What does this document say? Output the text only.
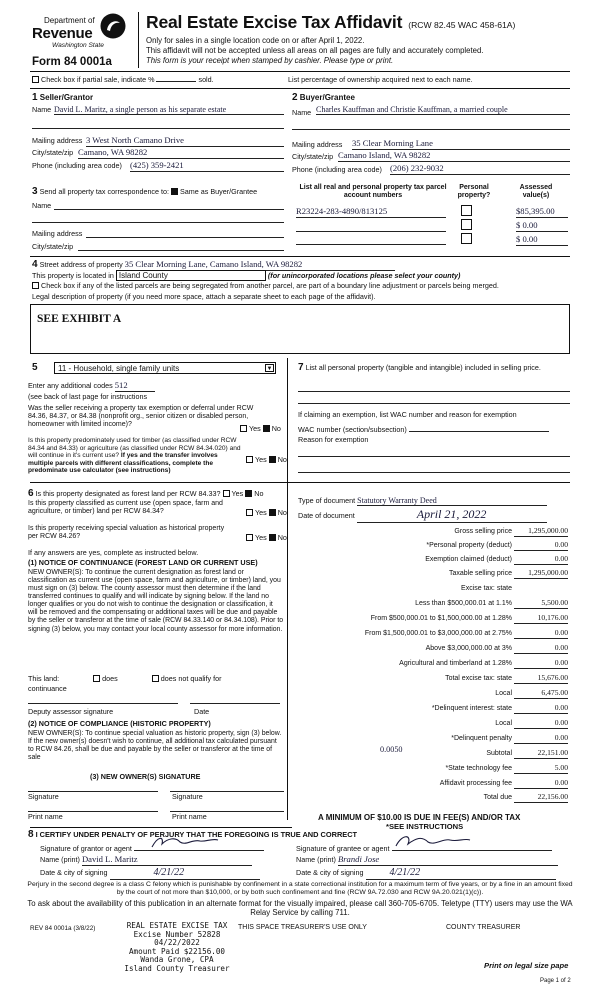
Department of
Revenue
Washington State
Form 84 0001a
Real Estate Excise Tax Affidavit (RCW 82.45 WAC 458-61A)
Only for sales in a single location code on or after April 1, 2022.
This affidavit will not be accepted unless all areas on all pages are fully and accurately completed.
This form is your receipt when stamped by cashier. Please type or print.
Check box if partial sale, indicate %	sold.	List percentage of ownership acquired next to each name.
1 Seller/Grantor
Name David L. Maritz, a single person as his separate estate
Mailing address 3 West North Camano Drive
City/state/zip Camano, WA 98282
Phone (including area code) (425) 359-2421
2 Buyer/Grantee
Name Charles Kauffman and Christie Kauffman, a married couple
Mailing address 35 Clear Morning Lane
City/state/zip Camano Island, WA 98282
Phone (including area code) (206) 232-9032
3 Send all property tax correspondence to: Same as Buyer/Grantee
Name
Mailing address
City/state/zip
List all real and personal property tax parcel account numbers
Personal property?
Assessed value(s)
R23224-283-4890/813125	$85,395.00
$ 0.00
$ 0.00
4 Street address of property 35 Clear Morning Lane, Camano Island, WA 98282
This property is located in Island County	(for unincorporated locations please select your county)
Check box if any of the listed parcels are being segregated from another parcel, are part of a boundary line adjustment or parcels being merged.
Legal description of property (if you need more space, attach a separate sheet to each page of the affidavit).
SEE EXHIBIT A
5	11 - Household, single family units	▼
Enter any additional codes 512
(see back of last page for instructions
Was the seller receiving a property tax exemption or deferral under RCW 84.36, 84.37, or 84.38 (nonprofit org., senior citizen or disabled person, homeowner with limited income)?	Yes No
Is this property predominately used for timber (as classified under RCW 84.34 and 84.33) or agriculture (as classified under RCW 84.34.020) and will continue in it's current use? If yes and the transfer involves multiple parcels with different classifications, complete the predominate use calculator (see instructions)
Yes No
7 List all personal property (tangible and intangible) included in selling price.
If claiming an exemption, list WAC number and reason for exemption
WAC number (section/subsection)
Reason for exemption
6 Is this property designated as forest land per RCW 84.33? Yes No
Is this property classified as current use (open space, farm and agriculture, or timber) land per RCW 84.34?	Yes No
Is this property receiving special valuation as historical property per RCW 84.26?	Yes No
If any answers are yes, complete as instructed below.
(1) NOTICE OF CONTINUANCE (FOREST LAND OR CURRENT USE)
NEW OWNER(S): To continue the current designation as forest land or classification as current use (open space, farm and agriculture, or timber) land, you must sign on (3) below. The county assessor must then determine if the land transferred continues to qualify and will indicate by signing below. If the land no longer qualifies or you do not wish to continue the designation or classification, it will be removed and the compensating or additional taxes will be due and payable by the seller or transferor at the time of sale (RCW 84.33.140 or 84.34.108). Prior to signing (3) below, you may contact your local county assessor for more information.
This land:	does	does not qualify for
continuance
Deputy assessor signature	Date
(2) NOTICE OF COMPLIANCE (HISTORIC PROPERTY)
NEW OWNER(S): To continue special valuation as historic property, sign (3) below. If the new owner(s) doesn't wish to continue, all additional tax calculated pursuant to RCW 84.26, shall be due and payable by the seller or transferor at the time of sale
(3) NEW OWNER(S) SIGNATURE
Signature	Signature
Print name	Print name
Type of document Statutory Warranty Deed
Date of document	April 21, 2022
Gross selling price	1,295,000.00
*Personal property (deduct)	0.00
Exemption claimed (deduct)	0.00
Taxable selling price	1,295,000.00
Excise tax: state
Less than $500,000.01 at 1.1%	5,500.00
From $500,000.01 to $1,500,000.00 at 1.28%	10,176.00
From $1,500,000.01 to $3,000,000.00 at 2.75%	0.00
Above $3,000,000.00 at 3%	0.00
Agricultural and timberland at 1.28%	0.00
Total excise tax: state	15,676.00
Local	6,475.00
*Delinquent interest: state	0.00
Local	0.00
*Delinquent penalty	0.00
Subtotal	22,151.00
*State technology fee	5.00
Affidavit processing fee	0.00
Total due	22,156.00
0.0050
A MINIMUM OF $10.00 IS DUE IN FEE(S) AND/OR TAX
*SEE INSTRUCTIONS
8 I CERTIFY UNDER PENALTY OF PERJURY THAT THE FOREGOING IS TRUE AND CORRECT
Signature of grantor or agent
Name (print) David L. Maritz
Date & city of signing	4/21/22
Signature of grantee or agent
Name (print) Brandi Jose
Date & city of signing	4/21/22
Perjury in the second degree is a class C felony which is punishable by confinement in a state correctional institution for a maximum term of five years, or by a fine in an amount fixed by the court of not more than $10,000, or by both such confinement and fine (RCW 9A.72.030 and RCW 9A.20.021(1)(c)).
To ask about the availability of this publication in an alternate format for the visually impaired, please call 360-705-6705. Teletype (TTY) users may use the WA Relay Service by calling 711.
REV 84 0001a (3/8/22)	REAL ESTATE EXCISE TAX
Excise Number 52828
04/22/2022
Amount Paid $22156.00
Wanda Grone, CPA
Island County Treasurer
THIS SPACE TREASURER'S USE ONLY	COUNTY TREASURER
Print on legal size pape
Page 1 of 2
